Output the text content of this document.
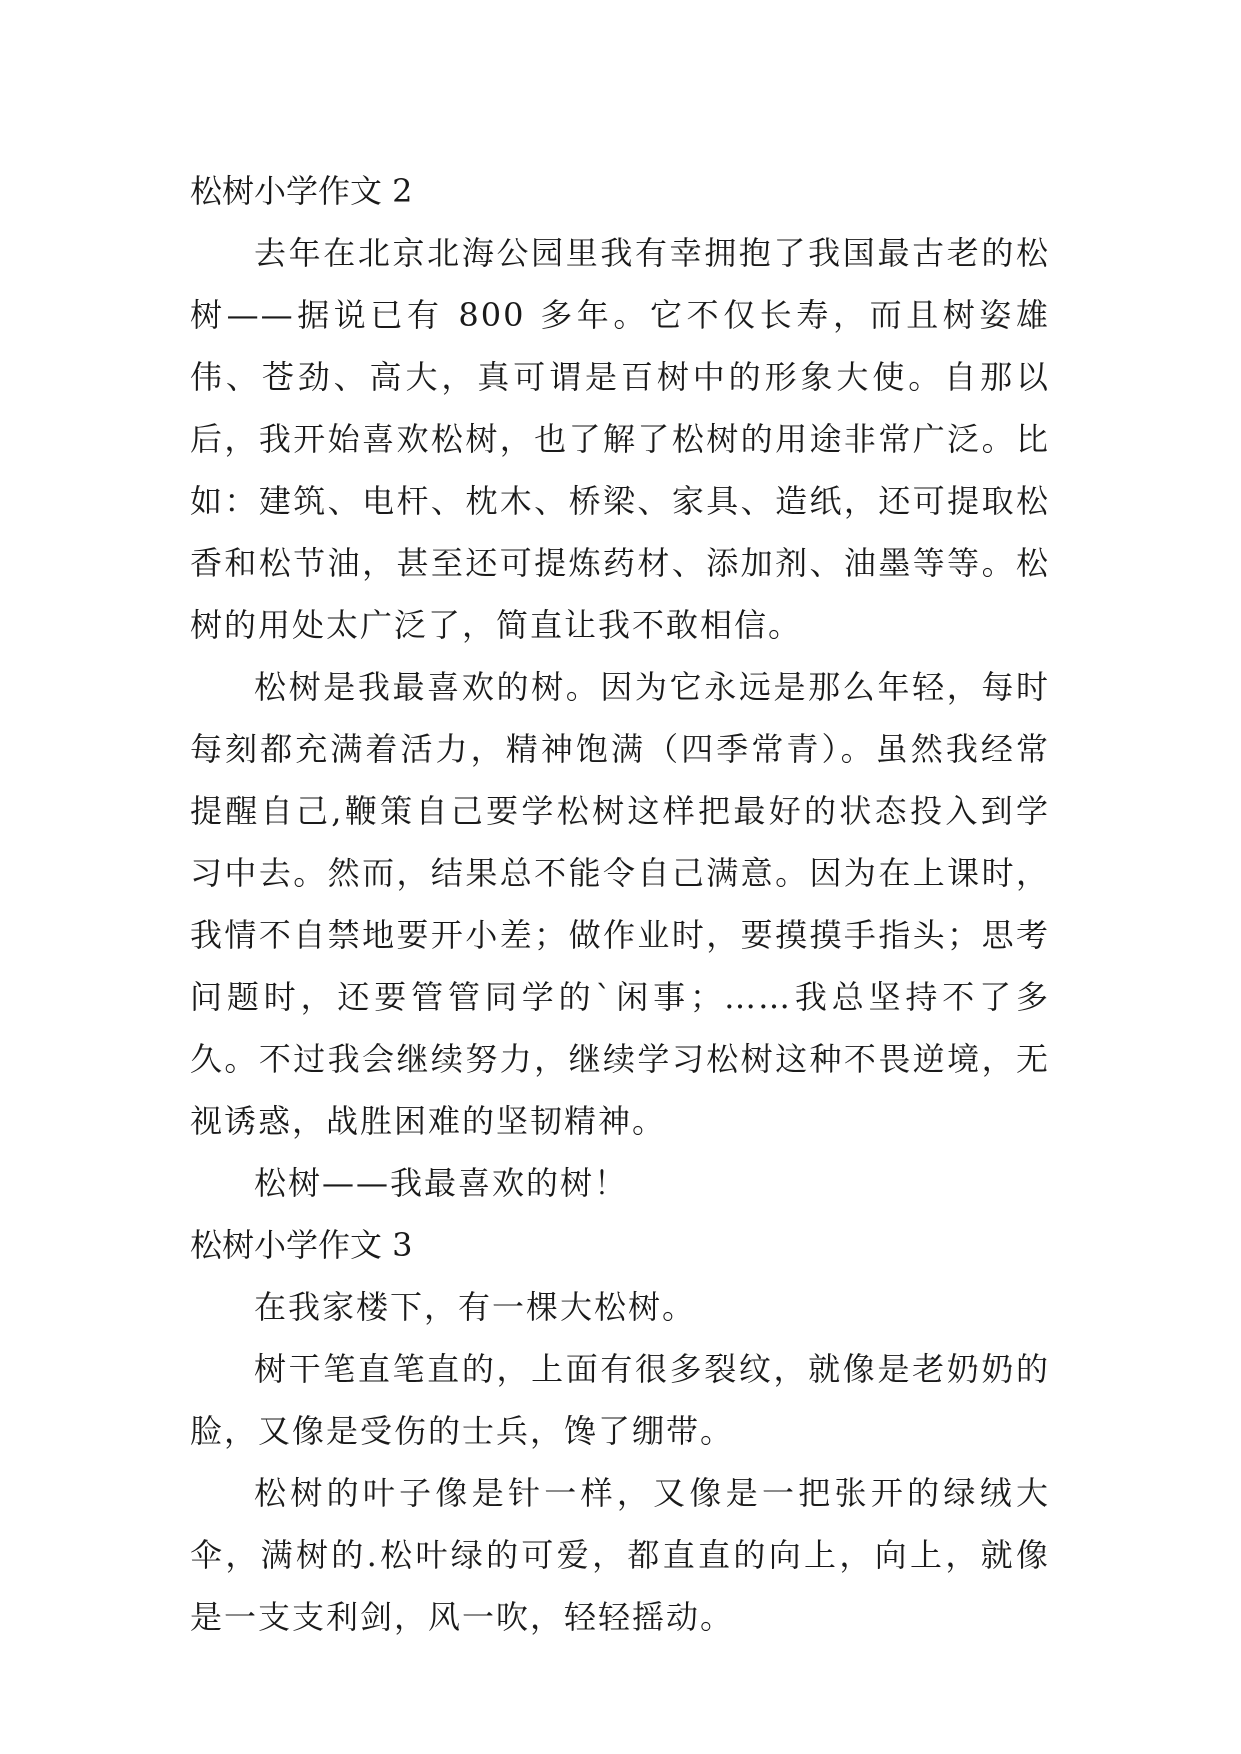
松树小学作文 2

去年在北京北海公园里我有幸拥抱了我国最古老的松树——据说已有 800 多年。它不仅长寿，而且树姿雄伟、苍劲、高大，真可谓是百树中的形象大使。自那以后，我开始喜欢松树，也了解了松树的用途非常广泛。比如：建筑、电杆、枕木、桥梁、家具、造纸，还可提取松香和松节油，甚至还可提炼药材、添加剂、油墨等等。松树的用处太广泛了，简直让我不敢相信。

松树是我最喜欢的树。因为它永远是那么年轻，每时每刻都充满着活力，精神饱满（四季常青）。虽然我经常提醒自己,鞭策自己要学松树这样把最好的状态投入到学习中去。然而，结果总不能令自己满意。因为在上课时，我情不自禁地要开小差；做作业时，要摸摸手指头；思考问题时，还要管管同学的`闲事；……我总坚持不了多久。不过我会继续努力，继续学习松树这种不畏逆境，无视诱惑，战胜困难的坚韧精神。

松树——我最喜欢的树！

松树小学作文 3

在我家楼下，有一棵大松树。

树干笔直笔直的，上面有很多裂纹，就像是老奶奶的脸，又像是受伤的士兵，馋了绷带。

松树的叶子像是针一样，又像是一把张开的绿绒大伞，满树的.松叶绿的可爱，都直直的向上，向上，就像是一支支利剑，风一吹，轻轻摇动。
